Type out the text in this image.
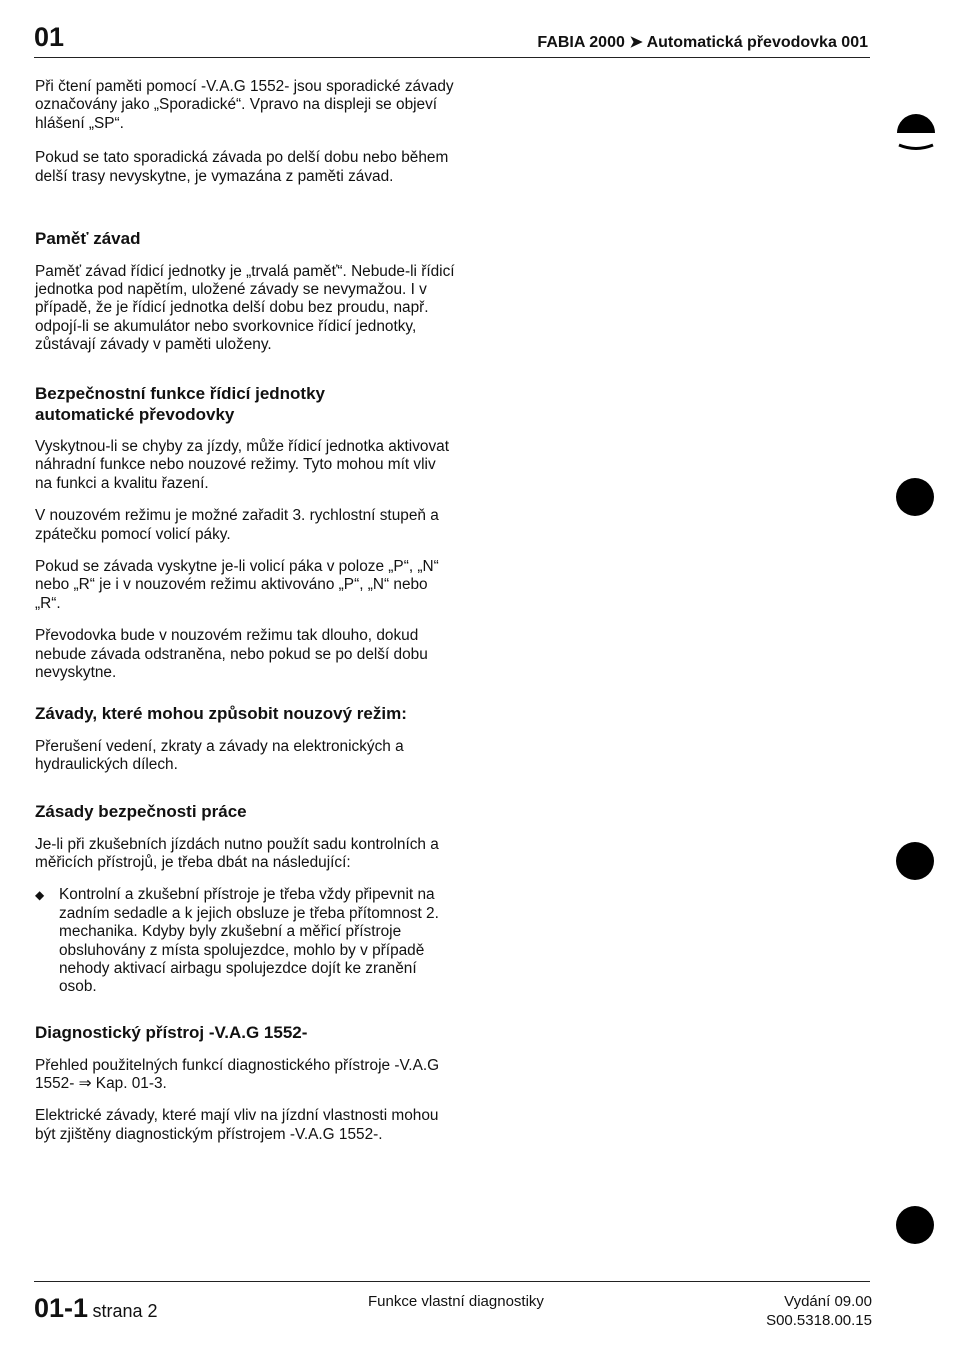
01	FABIA 2000 ➤ Automatická převodovka 001

Při čtení paměti pomocí -V.A.G 1552- jsou sporadické závady označovány jako „Sporadické“. Vpravo na displeji se objeví hlášení „SP“.

Pokud se tato sporadická závada po delší dobu nebo během delší trasy nevyskytne, je vymazána z paměti závad.

Paměť závad

Paměť závad řídicí jednotky je „trvalá paměť“. Nebude-li řídicí jednotka pod napětím, uložené závady se nevymažou. I v případě, že je řídicí jednotka delší dobu bez proudu, např. odpojí-li se akumulátor nebo svorkovnice řídicí jednotky, zůstávají závady v paměti uloženy.

Bezpečnostní funkce řídicí jednotky automatické převodovky

Vyskytnou-li se chyby za jízdy, může řídicí jednotka aktivovat náhradní funkce nebo nouzové režimy. Tyto mohou mít vliv na funkci a kvalitu řazení.

V nouzovém režimu je možné zařadit 3. rychlostní stupeň a zpátečku pomocí volicí páky.

Pokud se závada vyskytne je-li volicí páka v poloze „P“, „N“ nebo „R“ je i v nouzovém režimu aktivováno „P“, „N“ nebo „R“.

Převodovka bude v nouzovém režimu tak dlouho, dokud nebude závada odstraněna, nebo pokud se po delší dobu nevyskytne.

Závady, které mohou způsobit nouzový režim:

Přerušení vedení, zkraty a závady na elektronických a hydraulických dílech.

Zásady bezpečnosti práce

Je-li při zkušebních jízdách nutno použít sadu kontrolních a měřicích přístrojů, je třeba dbát na následující:

◆ Kontrolní a zkušební přístroje je třeba vždy připevnit na zadním sedadle a k jejich obsluze je třeba přítomnost 2. mechanika. Kdyby byly zkušební a měřicí přístroje obsluhovány z místa spolujezdce, mohlo by v případě nehody aktivací airbagu spolujezdce dojít ke zranění osob.

Diagnostický přístroj -V.A.G 1552-

Přehled použitelných funkcí diagnostického přístroje -V.A.G 1552- ⇒ Kap. 01-3.

Elektrické závady, které mají vliv na jízdní vlastnosti mohou být zjištěny diagnostickým přístrojem -V.A.G 1552-.

01-1 strana 2	Funkce vlastní diagnostiky	Vydání 09.00
S00.5318.00.15
